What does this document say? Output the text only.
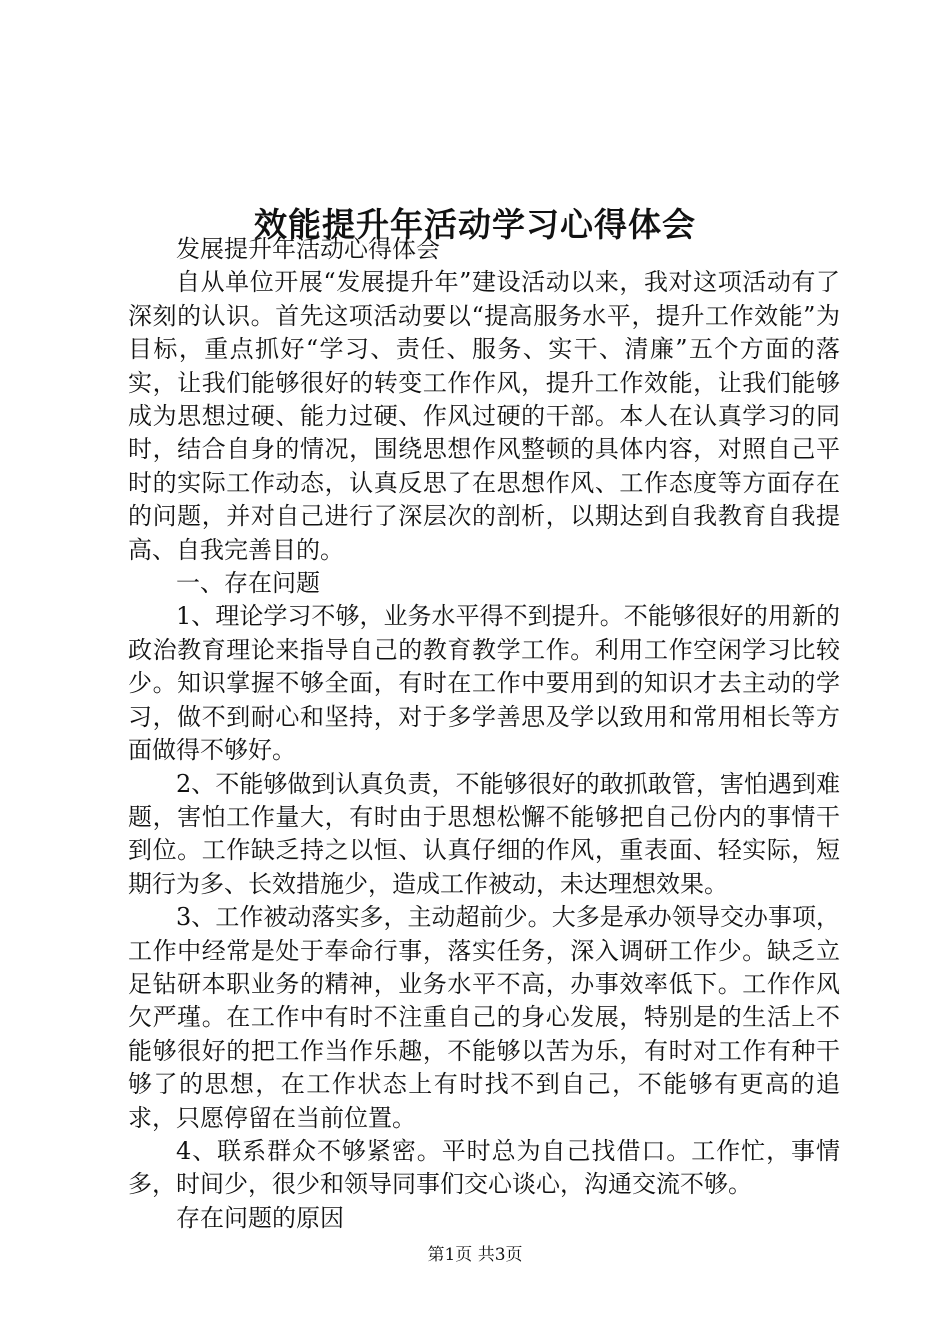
效能提升年活动学习心得体会

发展提升年活动心得体会

自从单位开展“发展提升年”建设活动以来，我对这项活动有了深刻的认识。首先这项活动要以“提高服务水平，提升工作效能”为目标，重点抓好“学习、责任、服务、实干、清廉”五个方面的落实，让我们能够很好的转变工作作风，提升工作效能，让我们能够成为思想过硬、能力过硬、作风过硬的干部。本人在认真学习的同时，结合自身的情况，围绕思想作风整顿的具体内容，对照自己平时的实际工作动态，认真反思了在思想作风、工作态度等方面存在的问题，并对自己进行了深层次的剖析，以期达到自我教育自我提高、自我完善目的。

一、存在问题

1、理论学习不够，业务水平得不到提升。不能够很好的用新的政治教育理论来指导自己的教育教学工作。利用工作空闲学习比较少。知识掌握不够全面，有时在工作中要用到的知识才去主动的学习，做不到耐心和坚持，对于多学善思及学以致用和常用相长等方面做得不够好。

2、不能够做到认真负责，不能够很好的敢抓敢管，害怕遇到难题，害怕工作量大，有时由于思想松懈不能够把自己份内的事情干到位。工作缺乏持之以恒、认真仔细的作风，重表面、轻实际，短期行为多、长效措施少，造成工作被动，未达理想效果。

3、工作被动落实多，主动超前少。大多是承办领导交办事项，工作中经常是处于奉命行事，落实任务，深入调研工作少。缺乏立足钻研本职业务的精神，业务水平不高，办事效率低下。工作作风欠严瑾。在工作中有时不注重自己的身心发展，特别是的生活上不能够很好的把工作当作乐趣，不能够以苦为乐，有时对工作有种干够了的思想，在工作状态上有时找不到自己，不能够有更高的追求，只愿停留在当前位置。

4、联系群众不够紧密。平时总为自己找借口。工作忙，事情多，时间少，很少和领导同事们交心谈心，沟通交流不够。

存在问题的原因

第1页 共3页
